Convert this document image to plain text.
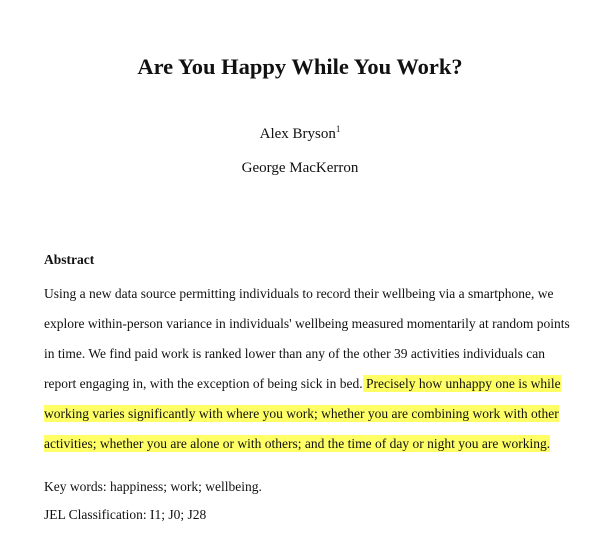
Are You Happy While You Work?
Alex Bryson$^1$
George MacKerron
Abstract
Using a new data source permitting individuals to record their wellbeing via a smartphone, we
explore within-person variance in individuals' wellbeing measured momentarily at random points
in time. We find paid work is ranked lower than any of the other 39 activities individuals can
report engaging in, with the exception of being sick in bed. Precisely how unhappy one is while
working varies significantly with where you work; whether you are combining work with other
activities; whether you are alone or with others; and the time of day or night you are working.
Key words: happiness; work; wellbeing.
JEL Classification: I1; J0; J28
